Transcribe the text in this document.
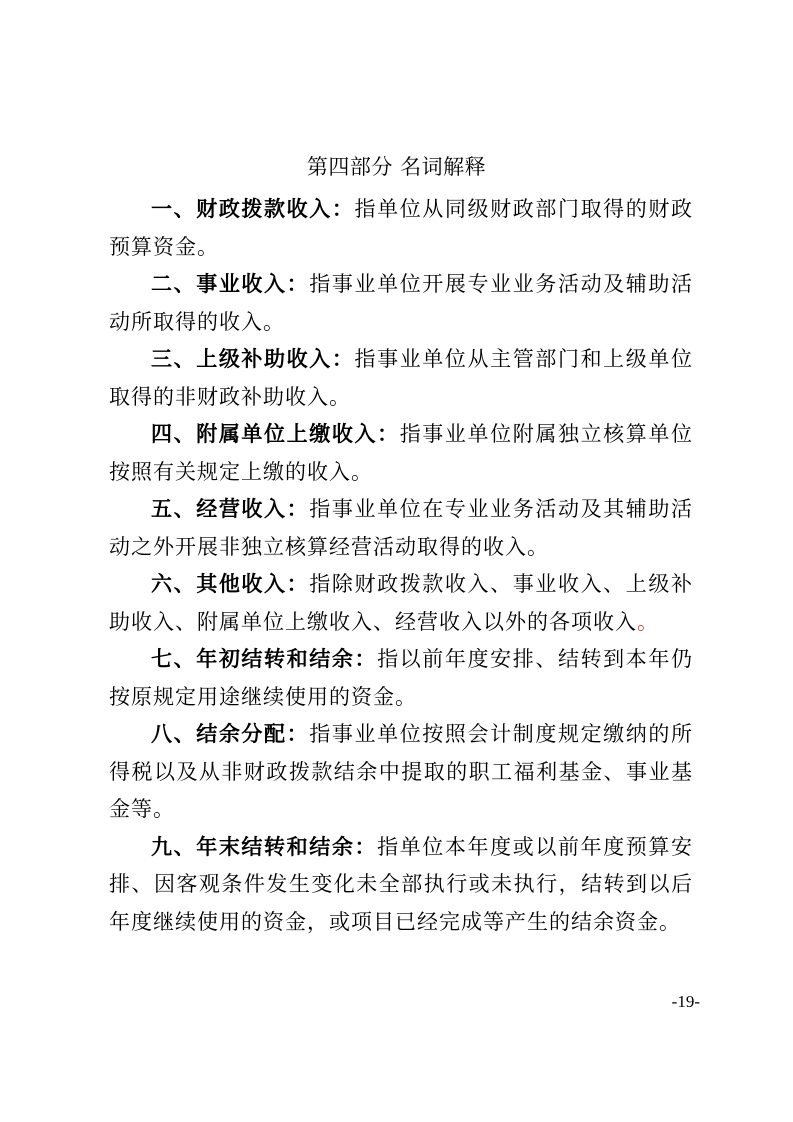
第四部分 名词解释

一、财政拨款收入：指单位从同级财政部门取得的财政预算资金。

二、事业收入：指事业单位开展专业业务活动及辅助活动所取得的收入。

三、上级补助收入：指事业单位从主管部门和上级单位取得的非财政补助收入。

四、附属单位上缴收入：指事业单位附属独立核算单位按照有关规定上缴的收入。

五、经营收入：指事业单位在专业业务活动及其辅助活动之外开展非独立核算经营活动取得的收入。

六、其他收入：指除财政拨款收入、事业收入、上级补助收入、附属单位上缴收入、经营收入以外的各项收入。

七、年初结转和结余：指以前年度安排、结转到本年仍按原规定用途继续使用的资金。

八、结余分配：指事业单位按照会计制度规定缴纳的所得税以及从非财政拨款结余中提取的职工福利基金、事业基金等。

九、年末结转和结余：指单位本年度或以前年度预算安排、因客观条件发生变化未全部执行或未执行，结转到以后年度继续使用的资金，或项目已经完成等产生的结余资金。

-19-
